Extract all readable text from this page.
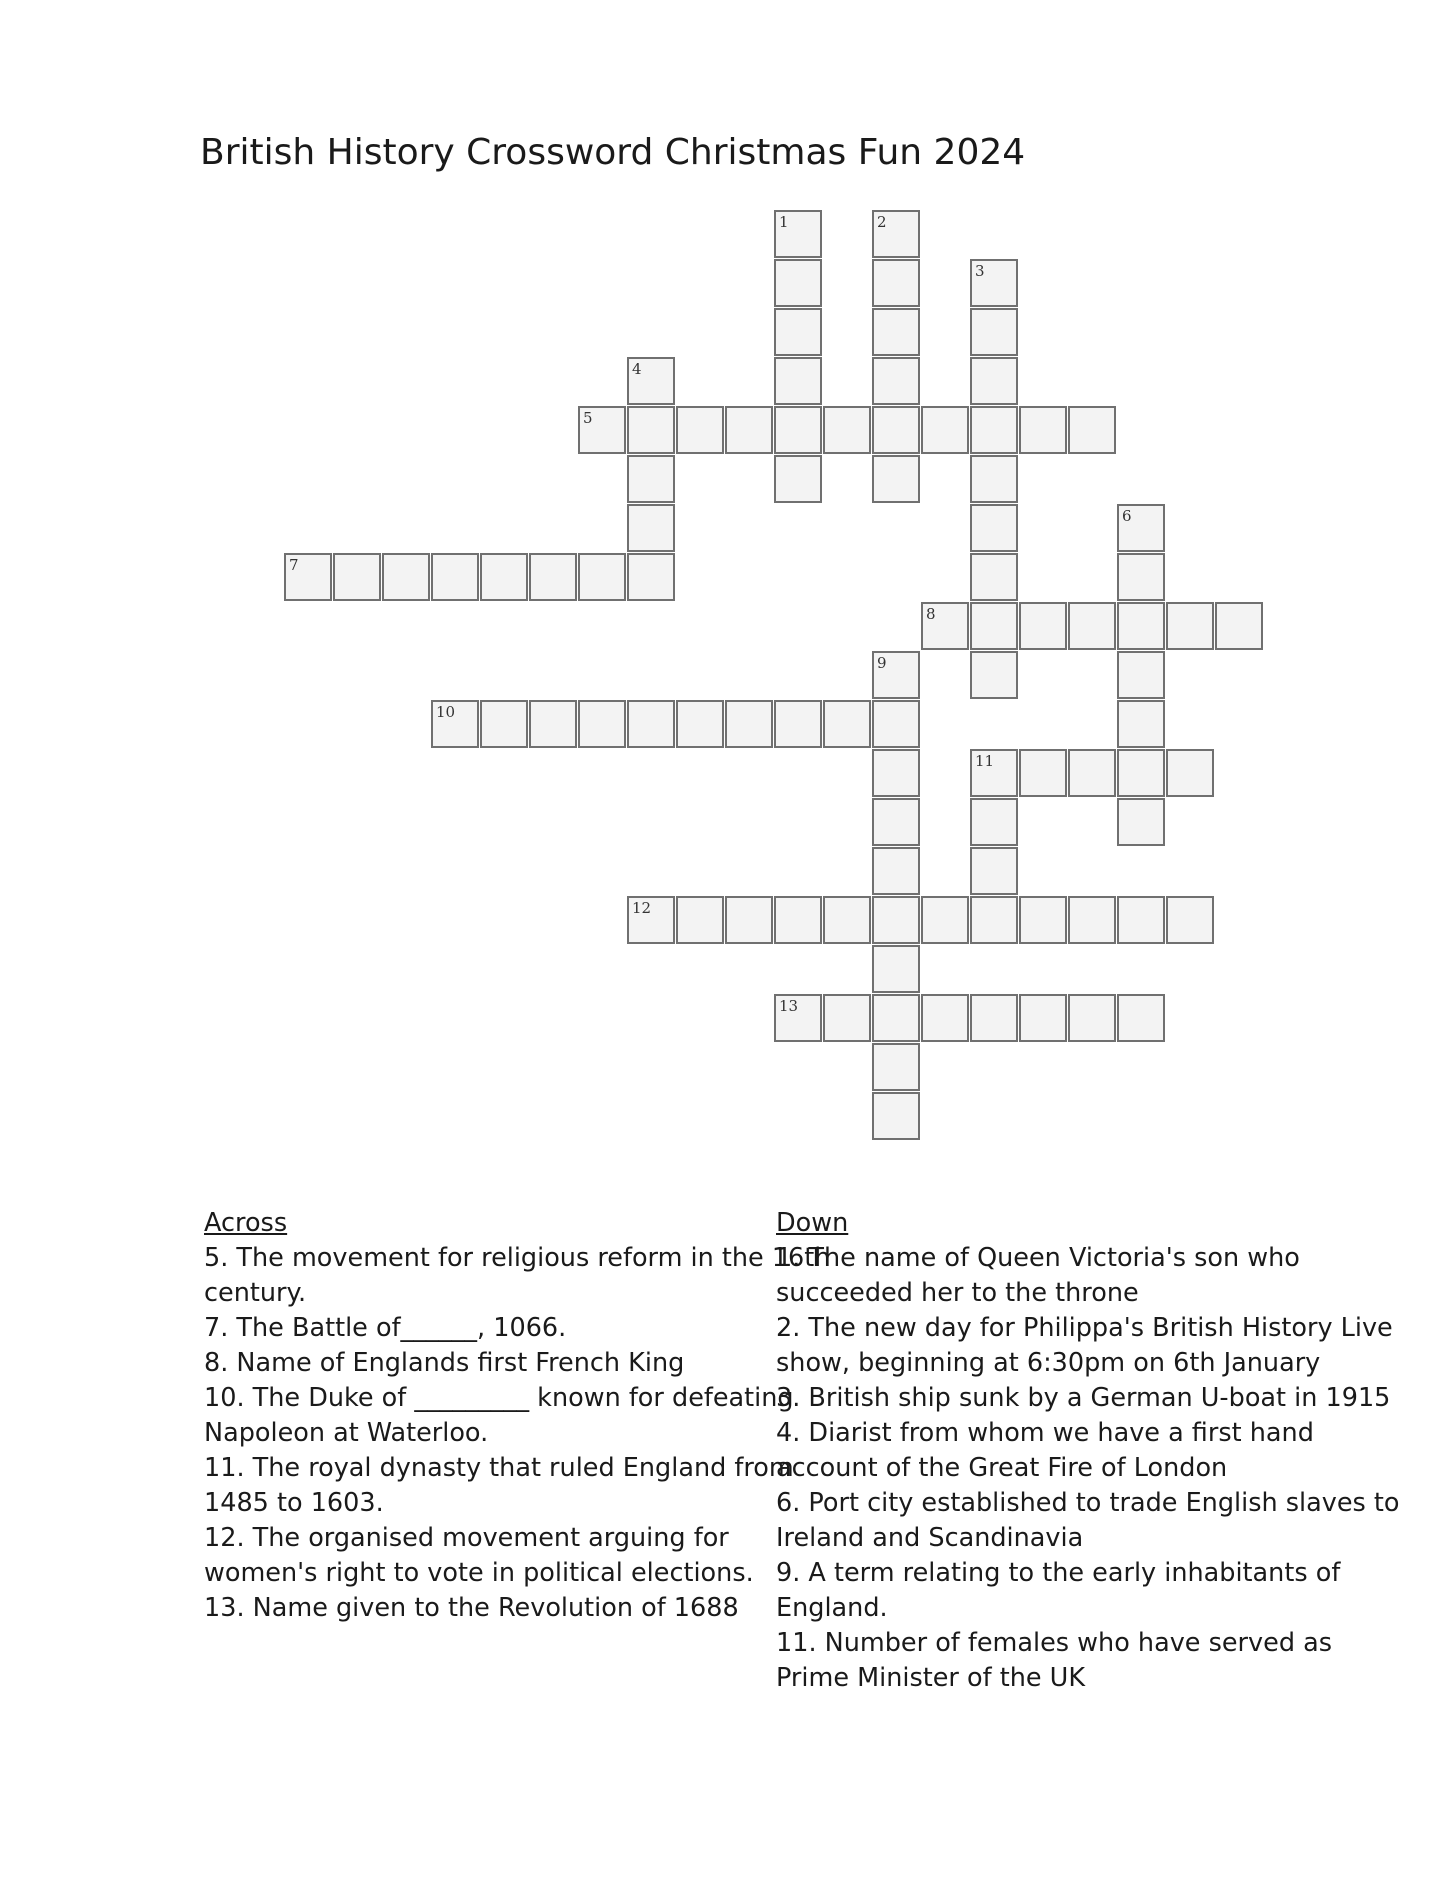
British History Crossword Christmas Fun 2024
1	2
3
4
5
6
7
8
9
10
11
12
13
Across
5. The movement for religious reform in the 16th
century.
7. The Battle of______, 1066.
8. Name of Englands first French King
10. The Duke of _________ known for defeating
Napoleon at Waterloo.
11. The royal dynasty that ruled England from
1485 to 1603.
12. The organised movement arguing for
women's right to vote in political elections.
13. Name given to the Revolution of 1688
Down
1. The name of Queen Victoria's son who
succeeded her to the throne
2. The new day for Philippa's British History Live
show, beginning at 6:30pm on 6th January
3. British ship sunk by a German U-boat in 1915
4. Diarist from whom we have a first hand
account of the Great Fire of London
6. Port city established to trade English slaves to
Ireland and Scandinavia
9. A term relating to the early inhabitants of
England.
11. Number of females who have served as
Prime Minister of the UK
